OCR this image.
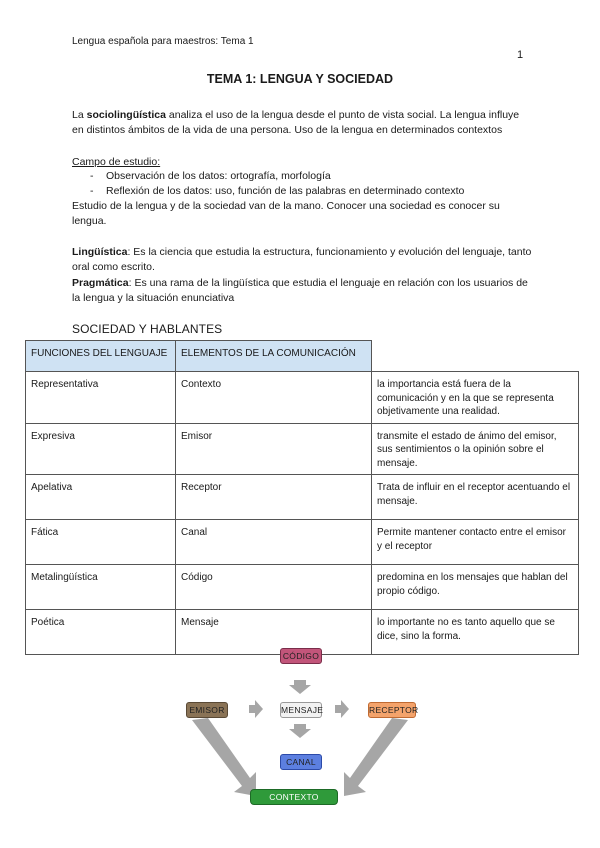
Lengua española para maestros: Tema 1
1
TEMA 1: LENGUA Y SOCIEDAD
La sociolingüística analiza el uso de la lengua desde el punto de vista social. La lengua influye en distintos ámbitos de la vida de una persona. Uso de la lengua en determinados contextos
Campo de estudio:
- Observación de los datos: ortografía, morfología
- Reflexión de los datos: uso, función de las palabras en determinado contexto
Estudio de la lengua y de la sociedad van de la mano. Conocer una sociedad es conocer su lengua.
Lingüística: Es la ciencia que estudia la estructura, funcionamiento y evolución del lenguaje, tanto oral como escrito.
Pragmática: Es una rama de la lingüística que estudia el lenguaje en relación con los usuarios de la lengua y la situación enunciativa
SOCIEDAD Y HABLANTES
FUNCIONES DEL LENGUAJE	ELEMENTOS DE LA COMUNICACIÓN	
Representativa	Contexto	la importancia está fuera de la comunicación y en la que se representa objetivamente una realidad.
Expresiva	Emisor	transmite el estado de ánimo del emisor, sus sentimientos o la opinión sobre el mensaje.
Apelativa	Receptor	Trata de influir en el receptor acentuando el mensaje.
Fática	Canal	Permite mantener contacto entre el emisor y el receptor
Metalingüística	Código	predomina en los mensajes que hablan del propio código.
Poética	Mensaje	lo importante no es tanto aquello que se dice, sino la forma.
CÓDIGO
EMISOR	MENSAJE	RECEPTOR
CANAL
CONTEXTO
